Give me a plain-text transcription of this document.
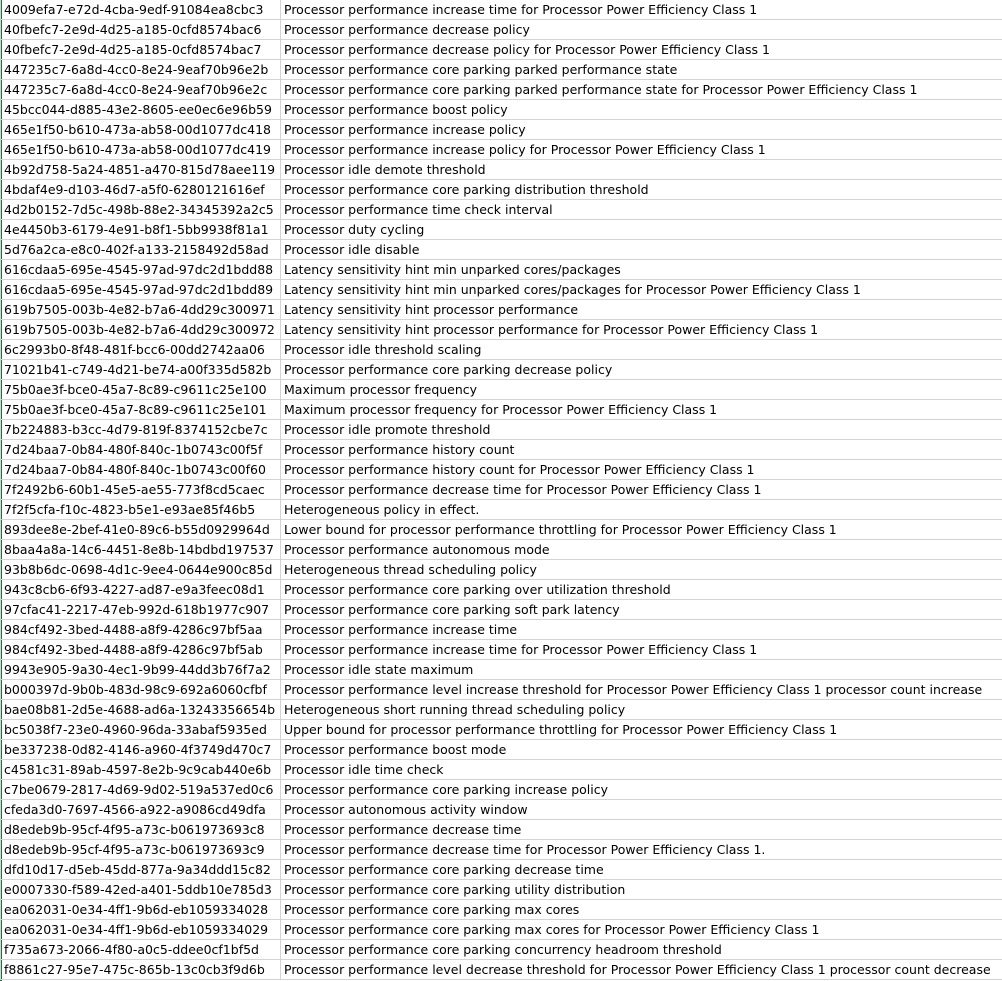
4009efa7-e72d-4cba-9edf-91084ea8cbc3	Processor performance increase time for Processor Power Efficiency Class 1
40fbefc7-2e9d-4d25-a185-0cfd8574bac6	Processor performance decrease policy
40fbefc7-2e9d-4d25-a185-0cfd8574bac7	Processor performance decrease policy for Processor Power Efficiency Class 1
447235c7-6a8d-4cc0-8e24-9eaf70b96e2b	Processor performance core parking parked performance state
447235c7-6a8d-4cc0-8e24-9eaf70b96e2c	Processor performance core parking parked performance state for Processor Power Efficiency Class 1
45bcc044-d885-43e2-8605-ee0ec6e96b59 Processor performance boost policy
465e1f50-b610-473a-ab58-00d1077dc418	Processor performance increase policy
465e1f50-b610-473a-ab58-00d1077dc419	Processor performance increase policy for Processor Power Efficiency Class 1
4b92d758-5a24-4851-a470-815d78aee119 Processor idle demote threshold
4bdaf4e9-d103-46d7-a5f0-6280121616ef	Processor performance core parking distribution threshold
4d2b0152-7d5c-498b-88e2-34345392a2c5 Processor performance time check interval
4e4450b3-6179-4e91-b8f1-5bb9938f81a1	Processor duty cycling
5d76a2ca-e8c0-402f-a133-2158492d58ad	Processor idle disable
616cdaa5-695e-4545-97ad-97dc2d1bdd88 Latency sensitivity hint min unparked cores/packages
616cdaa5-695e-4545-97ad-97dc2d1bdd89 Latency sensitivity hint min unparked cores/packages for Processor Power Efficiency Class 1
619b7505-003b-4e82-b7a6-4dd29c300971 Latency sensitivity hint processor performance
619b7505-003b-4e82-b7a6-4dd29c300972 Latency sensitivity hint processor performance for Processor Power Efficiency Class 1
6c2993b0-8f48-481f-bcc6-00dd2742aa06	Processor idle threshold scaling
71021b41-c749-4d21-be74-a00f335d582b	Processor performance core parking decrease policy
75b0ae3f-bce0-45a7-8c89-c9611c25e100	Maximum processor frequency
75b0ae3f-bce0-45a7-8c89-c9611c25e101	Maximum processor frequency for Processor Power Efficiency Class 1
7b224883-b3cc-4d79-819f-8374152cbe7c	Processor idle promote threshold
7d24baa7-0b84-480f-840c-1b0743c00f5f	Processor performance history count
7d24baa7-0b84-480f-840c-1b0743c00f60	Processor performance history count for Processor Power Efficiency Class 1
7f2492b6-60b1-45e5-ae55-773f8cd5caec	Processor performance decrease time for Processor Power Efficiency Class 1
7f2f5cfa-f10c-4823-b5e1-e93ae85f46b5	Heterogeneous policy in effect.
893dee8e-2bef-41e0-89c6-b55d0929964d	Lower bound for processor performance throttling for Processor Power Efficiency Class 1
8baa4a8a-14c6-4451-8e8b-14bdbd197537 Processor performance autonomous mode
93b8b6dc-0698-4d1c-9ee4-0644e900c85d Heterogeneous thread scheduling policy
943c8cb6-6f93-4227-ad87-e9a3feec08d1	Processor performance core parking over utilization threshold
97cfac41-2217-47eb-992d-618b1977c907	Processor performance core parking soft park latency
984cf492-3bed-4488-a8f9-4286c97bf5aa	Processor performance increase time
984cf492-3bed-4488-a8f9-4286c97bf5ab	Processor performance increase time for Processor Power Efficiency Class 1
9943e905-9a30-4ec1-9b99-44dd3b76f7a2	Processor idle state maximum
b000397d-9b0b-483d-98c9-692a6060cfbf	Processor performance level increase threshold for Processor Power Efficiency Class 1 processor count increase
bae08b81-2d5e-4688-ad6a-13243356654b Heterogeneous short running thread scheduling policy
bc5038f7-23e0-4960-96da-33abaf5935ed	Upper bound for processor performance throttling for Processor Power Efficiency Class 1
be337238-0d82-4146-a960-4f3749d470c7	Processor performance boost mode
c4581c31-89ab-4597-8e2b-9c9cab440e6b	Processor idle time check
c7be0679-2817-4d69-9d02-519a537ed0c6 Processor performance core parking increase policy
cfeda3d0-7697-4566-a922-a9086cd49dfa	Processor autonomous activity window
d8edeb9b-95cf-4f95-a73c-b061973693c8	Processor performance decrease time
d8edeb9b-95cf-4f95-a73c-b061973693c9	Processor performance decrease time for Processor Power Efficiency Class 1.
dfd10d17-d5eb-45dd-877a-9a34ddd15c82	Processor performance core parking decrease time
e0007330-f589-42ed-a401-5ddb10e785d3 Processor performance core parking utility distribution
ea062031-0e34-4ff1-9b6d-eb1059334028	Processor performance core parking max cores
ea062031-0e34-4ff1-9b6d-eb1059334029	Processor performance core parking max cores for Processor Power Efficiency Class 1
f735a673-2066-4f80-a0c5-ddee0cf1bf5d	Processor performance core parking concurrency headroom threshold
f8861c27-95e7-475c-865b-13c0cb3f9d6b	Processor performance level decrease threshold for Processor Power Efficiency Class 1 processor count decrease
